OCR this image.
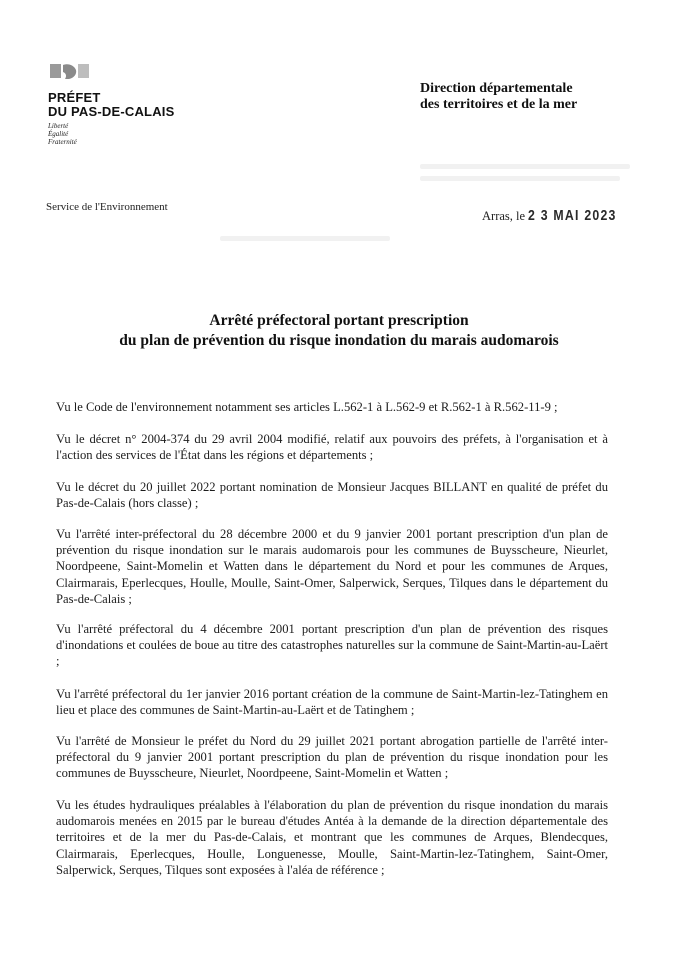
PRÉFET
DU PAS-DE-CALAIS
Liberté
Égalité
Fraternité
Direction départementale
des territoires et de la mer
Service de l'Environnement
Arras, le 2 3 MAI 2023
Arrêté préfectoral portant prescription
du plan de prévention du risque inondation du marais audomarois

Vu le Code de l'environnement notamment ses articles L.562-1 à L.562-9 et R.562-1 à R.562-11-9 ;

Vu le décret n° 2004-374 du 29 avril 2004 modifié, relatif aux pouvoirs des préfets, à l'organisation et à l'action des services de l'État dans les régions et départements ;

Vu le décret du 20 juillet 2022 portant nomination de Monsieur Jacques BILLANT en qualité de préfet du Pas-de-Calais (hors classe) ;

Vu l'arrêté inter-préfectoral du 28 décembre 2000 et du 9 janvier 2001 portant prescription d'un plan de prévention du risque inondation sur le marais audomarois pour les communes de Buysscheure, Nieurlet, Noordpeene, Saint-Momelin et Watten dans le département du Nord et pour les communes de Arques, Clairmarais, Eperlecques, Houlle, Moulle, Saint-Omer, Salperwick, Serques, Tilques dans le département du Pas-de-Calais ;

Vu l'arrêté préfectoral du 4 décembre 2001 portant prescription d'un plan de prévention des risques d'inondations et coulées de boue au titre des catastrophes naturelles sur la commune de Saint-Martin-au-Laërt ;

Vu l'arrêté préfectoral du 1er janvier 2016 portant création de la commune de Saint-Martin-lez-Tatinghem en lieu et place des communes de Saint-Martin-au-Laërt et de Tatinghem ;

Vu l'arrêté de Monsieur le préfet du Nord du 29 juillet 2021 portant abrogation partielle de l'arrêté inter-préfectoral du 9 janvier 2001 portant prescription du plan de prévention du risque inondation pour les communes de Buysscheure, Nieurlet, Noordpeene, Saint-Momelin et Watten ;

Vu les études hydrauliques préalables à l'élaboration du plan de prévention du risque inondation du marais audomarois menées en 2015 par le bureau d'études Antéa à la demande de la direction départementale des territoires et de la mer du Pas-de-Calais, et montrant que les communes de Arques, Blendecques, Clairmarais, Eperlecques, Houlle, Longuenesse, Moulle, Saint-Martin-lez-Tatinghem, Saint-Omer, Salperwick, Serques, Tilques sont exposées à l'aléa de référence ;
